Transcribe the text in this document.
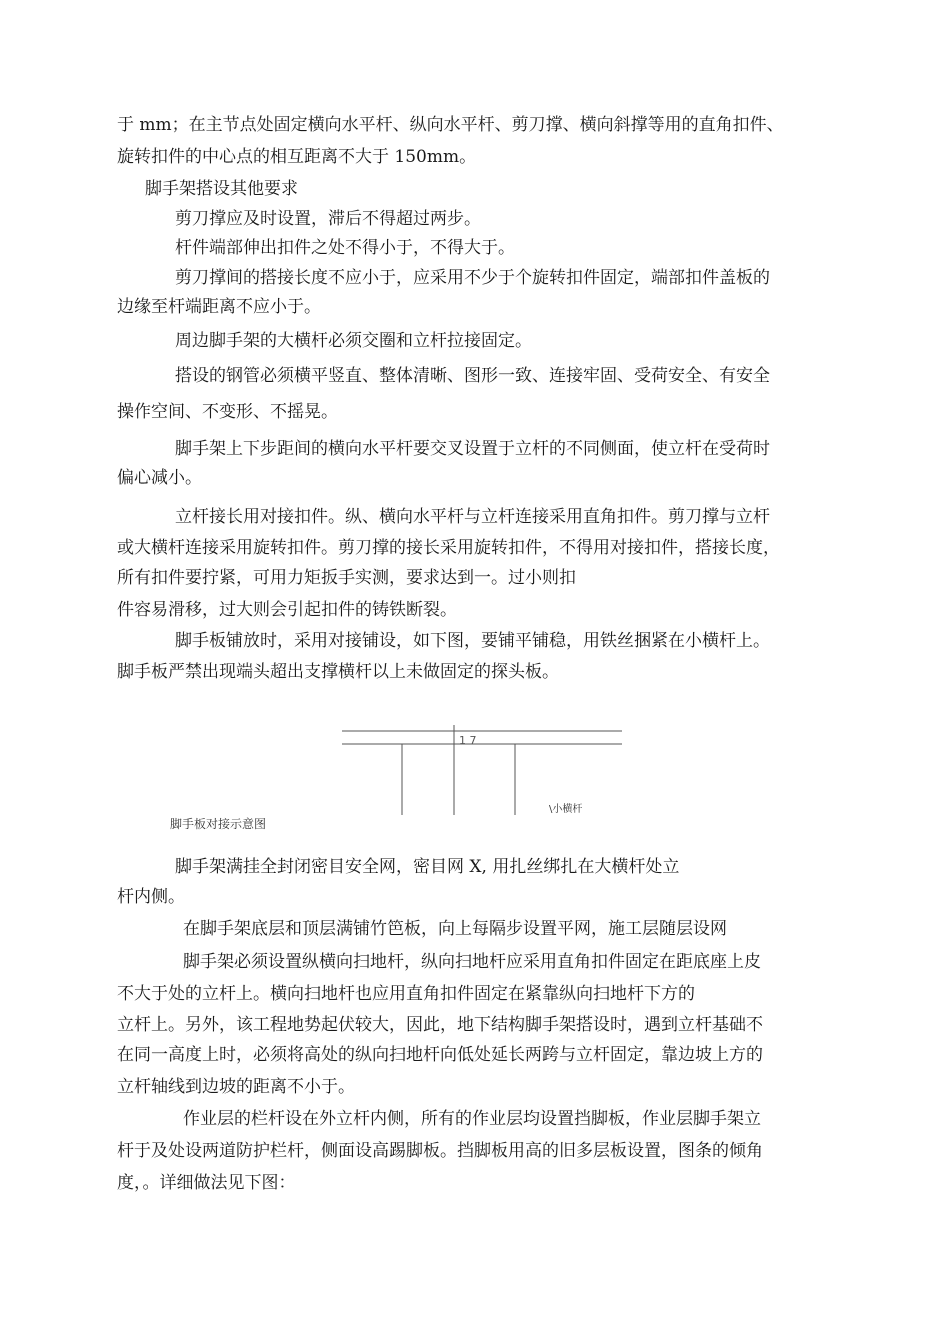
于 mm；在主节点处固定横向水平杆、纵向水平杆、剪刀撑、横向斜撑等用的直角扣件、
旋转扣件的中心点的相互距离不大于 150mm。
脚手架搭设其他要求
剪刀撑应及时设置，滞后不得超过两步。
杆件端部伸出扣件之处不得小于，不得大于。
剪刀撑间的搭接长度不应小于，应采用不少于个旋转扣件固定，端部扣件盖板的
边缘至杆端距离不应小于。
周边脚手架的大横杆必须交圈和立杆拉接固定。
搭设的钢管必须横平竖直、整体清晰、图形一致、连接牢固、受荷安全、有安全
操作空间、不变形、不摇晃。
脚手架上下步距间的横向水平杆要交叉设置于立杆的不同侧面，使立杆在受荷时
偏心减小。
立杆接长用对接扣件。纵、横向水平杆与立杆连接采用直角扣件。剪刀撑与立杆
或大横杆连接采用旋转扣件。剪刀撑的接长采用旋转扣件，不得用对接扣件，搭接长度，
所有扣件要拧紧，可用力矩扳手实测，要求达到一。过小则扣
件容易滑移，过大则会引起扣件的铸铁断裂。
脚手板铺放时，采用对接铺设，如下图，要铺平铺稳，用铁丝捆紧在小横杆上。
脚手板严禁出现端头超出支撑横杆以上未做固定的探头板。
1 7
\小横杆
脚手板对接示意图
脚手架满挂全封闭密目安全网，密目网 X, 用扎丝绑扎在大横杆处立
杆内侧。
在脚手架底层和顶层满铺竹笆板，向上每隔步设置平网，施工层随层设网
脚手架必须设置纵横向扫地杆，纵向扫地杆应采用直角扣件固定在距底座上皮
不大于处的立杆上。横向扫地杆也应用直角扣件固定在紧靠纵向扫地杆下方的
立杆上。另外，该工程地势起伏较大，因此，地下结构脚手架搭设时，遇到立杆基础不
在同一高度上时，必须将高处的纵向扫地杆向低处延长两跨与立杆固定，靠边坡上方的
立杆轴线到边坡的距离不小于。
作业层的栏杆设在外立杆内侧，所有的作业层均设置挡脚板，作业层脚手架立
杆于及处设两道防护栏杆，侧面设高踢脚板。挡脚板用高的旧多层板设置，图条的倾角
度，。详细做法见下图：
